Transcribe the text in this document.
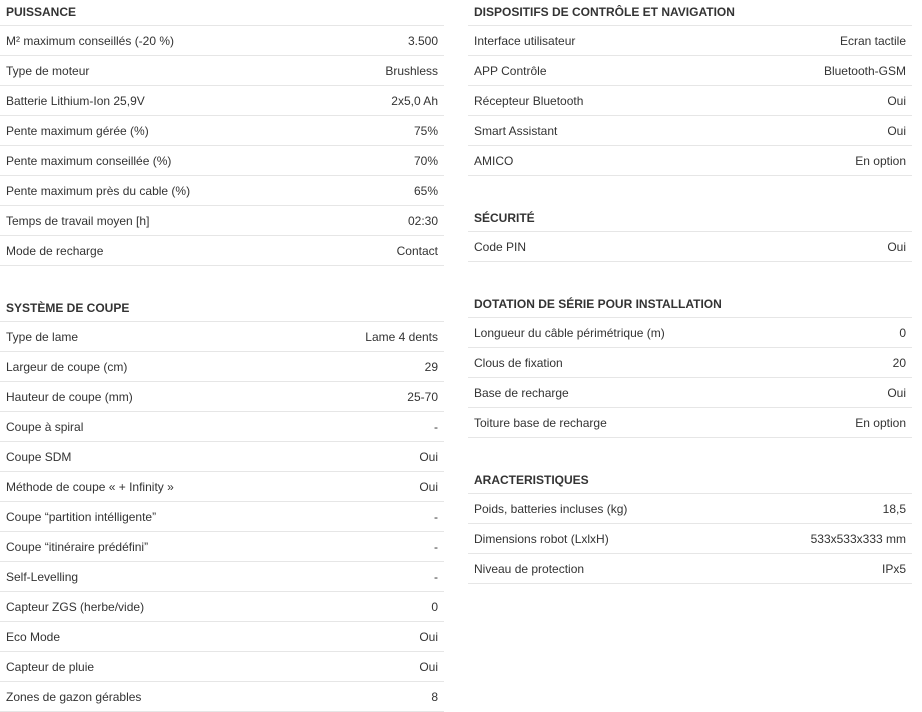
PUISSANCE
M² maximum conseillés (-20 %)	3.500
Type de moteur	Brushless
Batterie Lithium-Ion 25,9V	2x5,0 Ah
Pente maximum gérée (%)	75%
Pente maximum conseillée (%)	70%
Pente maximum près du cable (%)	65%
Temps de travail moyen [h]	02:30
Mode de recharge	Contact
SYSTÈME DE COUPE
Type de lame	Lame 4 dents
Largeur de coupe (cm)	29
Hauteur de coupe (mm)	25-70
Coupe à spiral	-
Coupe SDM	Oui
Méthode de coupe « + Infinity »	Oui
Coupe “partition intélligente”	-
Coupe “itinéraire prédéfini”	-
Self-Levelling	-
Capteur ZGS (herbe/vide)	0
Eco Mode	Oui
Capteur de pluie	Oui
Zones de gazon gérables	8
DISPOSITIFS DE CONTRÔLE ET NAVIGATION
Interface utilisateur	Ecran tactile
APP Contrôle	Bluetooth-GSM
Récepteur Bluetooth	Oui
Smart Assistant	Oui
AMICO	En option
SÉCURITÉ
Code PIN	Oui
DOTATION DE SÉRIE POUR INSTALLATION
Longueur du câble périmétrique (m)	0
Clous de fixation	20
Base de recharge	Oui
Toiture base de recharge	En option
ARACTERISTIQUES
Poids, batteries incluses (kg)	18,5
Dimensions robot (LxlxH)	533x533x333 mm
Niveau de protection	IPx5
